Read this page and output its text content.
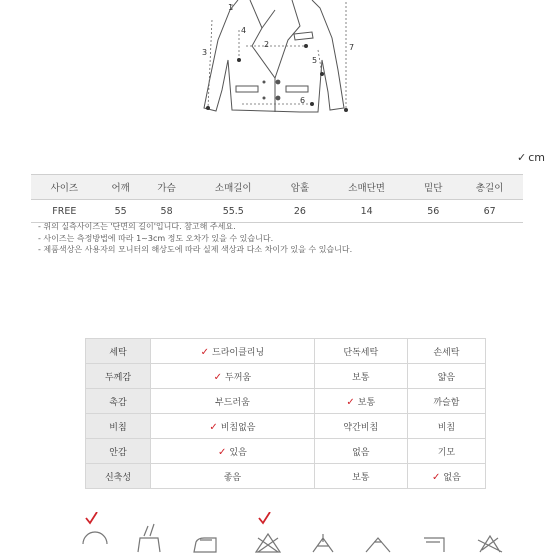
1
2
3
4
5
6
7
✓ cm
사이즈	어깨	가슴	소매길이	암홀	소매단면	밑단	총길이
FREE	55	58	55.5	26	14	56	67
- 위의 실측사이즈는 '단면의 길이'입니다. 참고해 주세요.
- 사이즈는 측정방법에 따라 1~3cm 정도 오차가 있을 수 있습니다.
- 제품색상은 사용자의 모니터의 해상도에 따라 실제 색상과 다소 차이가 있을 수 있습니다.
세탁	✓ 드라이클리닝	단독세탁	손세탁
두께감	✓ 두꺼움	보통	얇음
촉감	부드러움	✓ 보통	까슬함
비침	✓ 비침없음	약간비침	비침
안감	✓ 있음	없음	기모
신축성	좋음	보통	✓ 없음
